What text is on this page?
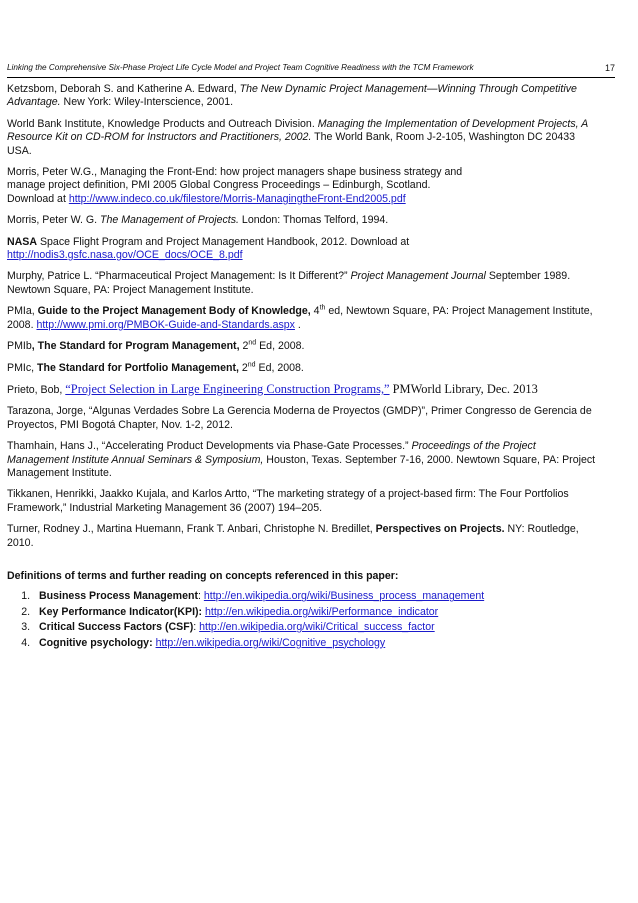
Linking the Comprehensive Six-Phase Project Life Cycle Model and Project Team Cognitive Readiness with the TCM Framework	17
Ketzsbom, Deborah S. and Katherine A. Edward, The New Dynamic Project Management—Winning Through Competitive
Advantage. New York: Wiley-Interscience, 2001.
World Bank Institute, Knowledge Products and Outreach Division. Managing the Implementation of Development Projects, A
Resource Kit on CD-ROM for Instructors and Practitioners, 2002. The World Bank, Room J-2-105, Washington DC 20433
USA.
Morris, Peter W.G., Managing the Front-End: how project managers shape business strategy and
manage project definition, PMI 2005 Global Congress Proceedings – Edinburgh, Scotland.
Download at http://www.indeco.co.uk/filestore/Morris-ManagingtheFront-End2005.pdf
Morris, Peter W. G. The Management of Projects. London: Thomas Telford, 1994.
NASA Space Flight Program and Project Management Handbook, 2012. Download at
http://nodis3.gsfc.nasa.gov/OCE_docs/OCE_8.pdf
Murphy, Patrice L. “Pharmaceutical Project Management: Is It Different?” Project Management Journal September 1989.
Newtown Square, PA: Project Management Institute.
PMIa, Guide to the Project Management Body of Knowledge, 4th ed, Newtown Square, PA: Project Management Institute,
2008. http://www.pmi.org/PMBOK-Guide-and-Standards.aspx .
PMIb, The Standard for Program Management, 2nd Ed, 2008.
PMIc, The Standard for Portfolio Management, 2nd Ed, 2008.
Prieto, Bob, “Project Selection in Large Engineering Construction Programs,” PMWorld Library, Dec. 2013
Tarazona, Jorge, “Algunas Verdades Sobre La Gerencia Moderna de Proyectos (GMDP)”, Primer Congresso de Gerencia de
Proyectos, PMI Bogotá Chapter, Nov. 1-2, 2012.
Thamhain, Hans J., “Accelerating Product Developments via Phase-Gate Processes.” Proceedings of the Project
Management Institute Annual Seminars & Symposium, Houston, Texas. September 7-16, 2000. Newtown Square, PA: Project
Management Institute.
Tikkanen, Henrikki, Jaakko Kujala, and Karlos Artto, “The marketing strategy of a project-based firm: The Four Portfolios
Framework,” Industrial Marketing Management 36 (2007) 194–205.
Turner, Rodney J., Martina Huemann, Frank T. Anbari, Christophe N. Bredillet, Perspectives on Projects. NY: Routledge,
2010.
Definitions of terms and further reading on concepts referenced in this paper:
1. Business Process Management: http://en.wikipedia.org/wiki/Business_process_management
2. Key Performance Indicator(KPI): http://en.wikipedia.org/wiki/Performance_indicator
3. Critical Success Factors (CSF): http://en.wikipedia.org/wiki/Critical_success_factor
4. Cognitive psychology: http://en.wikipedia.org/wiki/Cognitive_psychology
